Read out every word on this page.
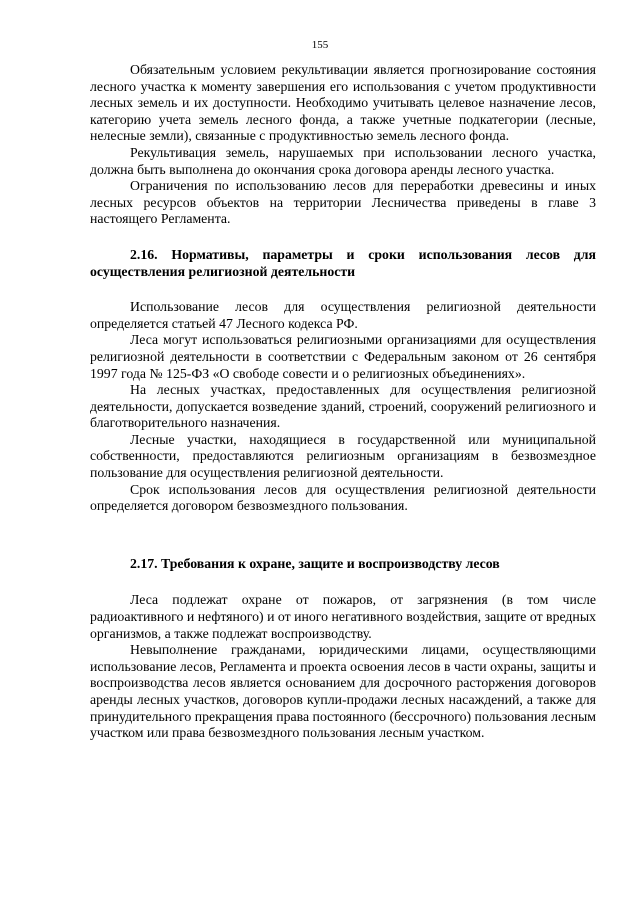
155

Обязательным условием рекультивации является прогнозирование состояния лесного участка к моменту завершения его использования с учетом продуктивности лесных земель и их доступности. Необходимо учитывать целевое назначение лесов, категорию учета земель лесного фонда, а также учетные подкатегории (лесные, нелесные земли), связанные с продуктивностью земель лесного фонда.

Рекультивация земель, нарушаемых при использовании лесного участка, должна быть выполнена до окончания срока договора аренды лесного участка.

Ограничения по использованию лесов для переработки древесины и иных лесных ресурсов объектов на территории Лесничества приведены в главе 3 настоящего Регламента.

2.16. Нормативы, параметры и сроки использования лесов для осуществления религиозной деятельности

Использование лесов для осуществления религиозной деятельности определяется статьей 47 Лесного кодекса РФ.

Леса могут использоваться религиозными организациями для осуществления религиозной деятельности в соответствии с Федеральным законом от 26 сентября 1997 года № 125-ФЗ «О свободе совести и о религиозных объединениях».

На лесных участках, предоставленных для осуществления религиозной деятельности, допускается возведение зданий, строений, сооружений религиозного и благотворительного назначения.

Лесные участки, находящиеся в государственной или муниципальной собственности, предоставляются религиозным организациям в безвозмездное пользование для осуществления религиозной деятельности.

Срок использования лесов для осуществления религиозной деятельности определяется договором безвозмездного пользования.

2.17. Требования к охране, защите и воспроизводству лесов

Леса подлежат охране от пожаров, от загрязнения (в том числе радиоактивного и нефтяного) и от иного негативного воздействия, защите от вредных организмов, а также подлежат воспроизводству.

Невыполнение гражданами, юридическими лицами, осуществляющими использование лесов, Регламента и проекта освоения лесов в части охраны, защиты и воспроизводства лесов является основанием для досрочного расторжения договоров аренды лесных участков, договоров купли-продажи лесных насаждений, а также для принудительного прекращения права постоянного (бессрочного) пользования лесным участком или права безвозмездного пользования лесным участком.
